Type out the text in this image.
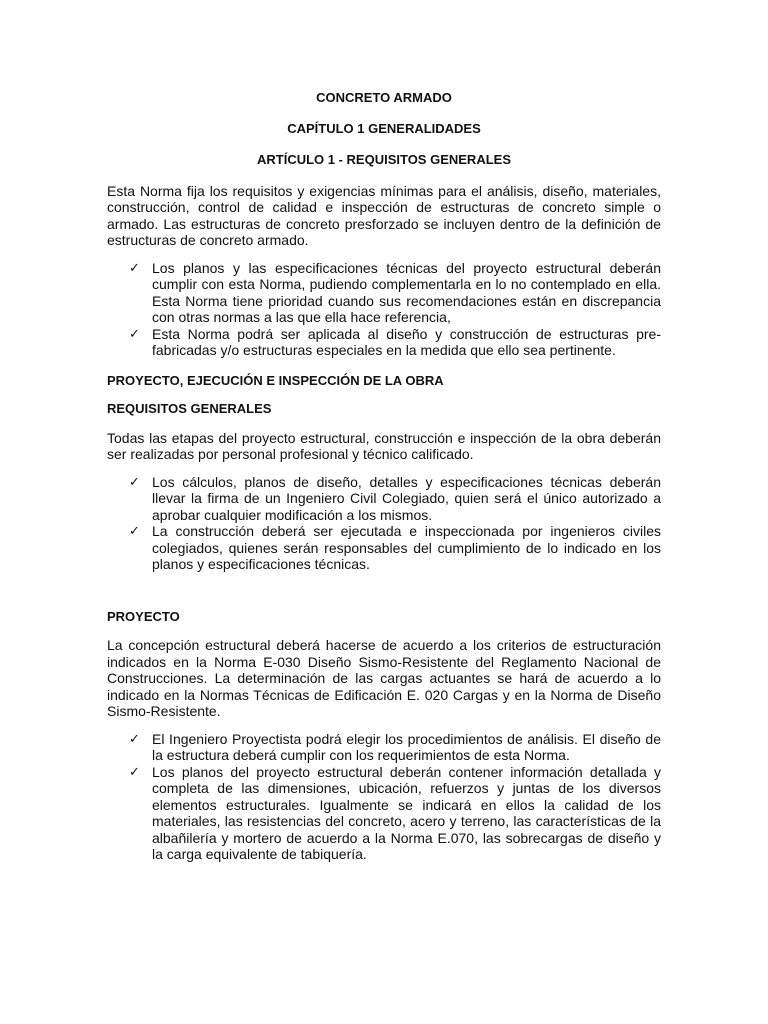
CONCRETO ARMADO

CAPÍTULO 1 GENERALIDADES

ARTÍCULO 1 - REQUISITOS GENERALES

Esta Norma fija los requisitos y exigencias mínimas para el análisis, diseño, materiales, construcción, control de calidad e inspección de estructuras de concreto simple o armado. Las estructuras de concreto presforzado se incluyen dentro de la definición de estructuras de concreto armado.

✓ Los planos y las especificaciones técnicas del proyecto estructural deberán cumplir con esta Norma, pudiendo complementarla en lo no contemplado en ella. Esta Norma tiene prioridad cuando sus recomendaciones están en discrepancia con otras normas a las que ella hace referencia,
✓ Esta Norma podrá ser aplicada al diseño y construcción de estructuras pre-fabricadas y/o estructuras especiales en la medida que ello sea pertinente.

PROYECTO, EJECUCIÓN E INSPECCIÓN DE LA OBRA

REQUISITOS GENERALES

Todas las etapas del proyecto estructural, construcción e inspección de la obra deberán ser realizadas por personal profesional y técnico calificado.

✓ Los cálculos, planos de diseño, detalles y especificaciones técnicas deberán llevar la firma de un Ingeniero Civil Colegiado, quien será el único autorizado a aprobar cualquier modificación a los mismos.
✓ La construcción deberá ser ejecutada e inspeccionada por ingenieros civiles colegiados, quienes serán responsables del cumplimiento de lo indicado en los planos y especificaciones técnicas.

PROYECTO

La concepción estructural deberá hacerse de acuerdo a los criterios de estructuración indicados en la Norma E-030 Diseño Sismo-Resistente del Reglamento Nacional de Construcciones. La determinación de las cargas actuantes se hará de acuerdo a lo indicado en la Normas Técnicas de Edificación E. 020 Cargas y en la Norma de Diseño Sismo-Resistente.

✓ El Ingeniero Proyectista podrá elegir los procedimientos de análisis. El diseño de la estructura deberá cumplir con los requerimientos de esta Norma.
✓ Los planos del proyecto estructural deberán contener información detallada y completa de las dimensiones, ubicación, refuerzos y juntas de los diversos elementos estructurales. Igualmente se indicará en ellos la calidad de los materiales, las resistencias del concreto, acero y terreno, las características de la albañilería y mortero de acuerdo a la Norma E.070, las sobrecargas de diseño y la carga equivalente de tabiquería.
